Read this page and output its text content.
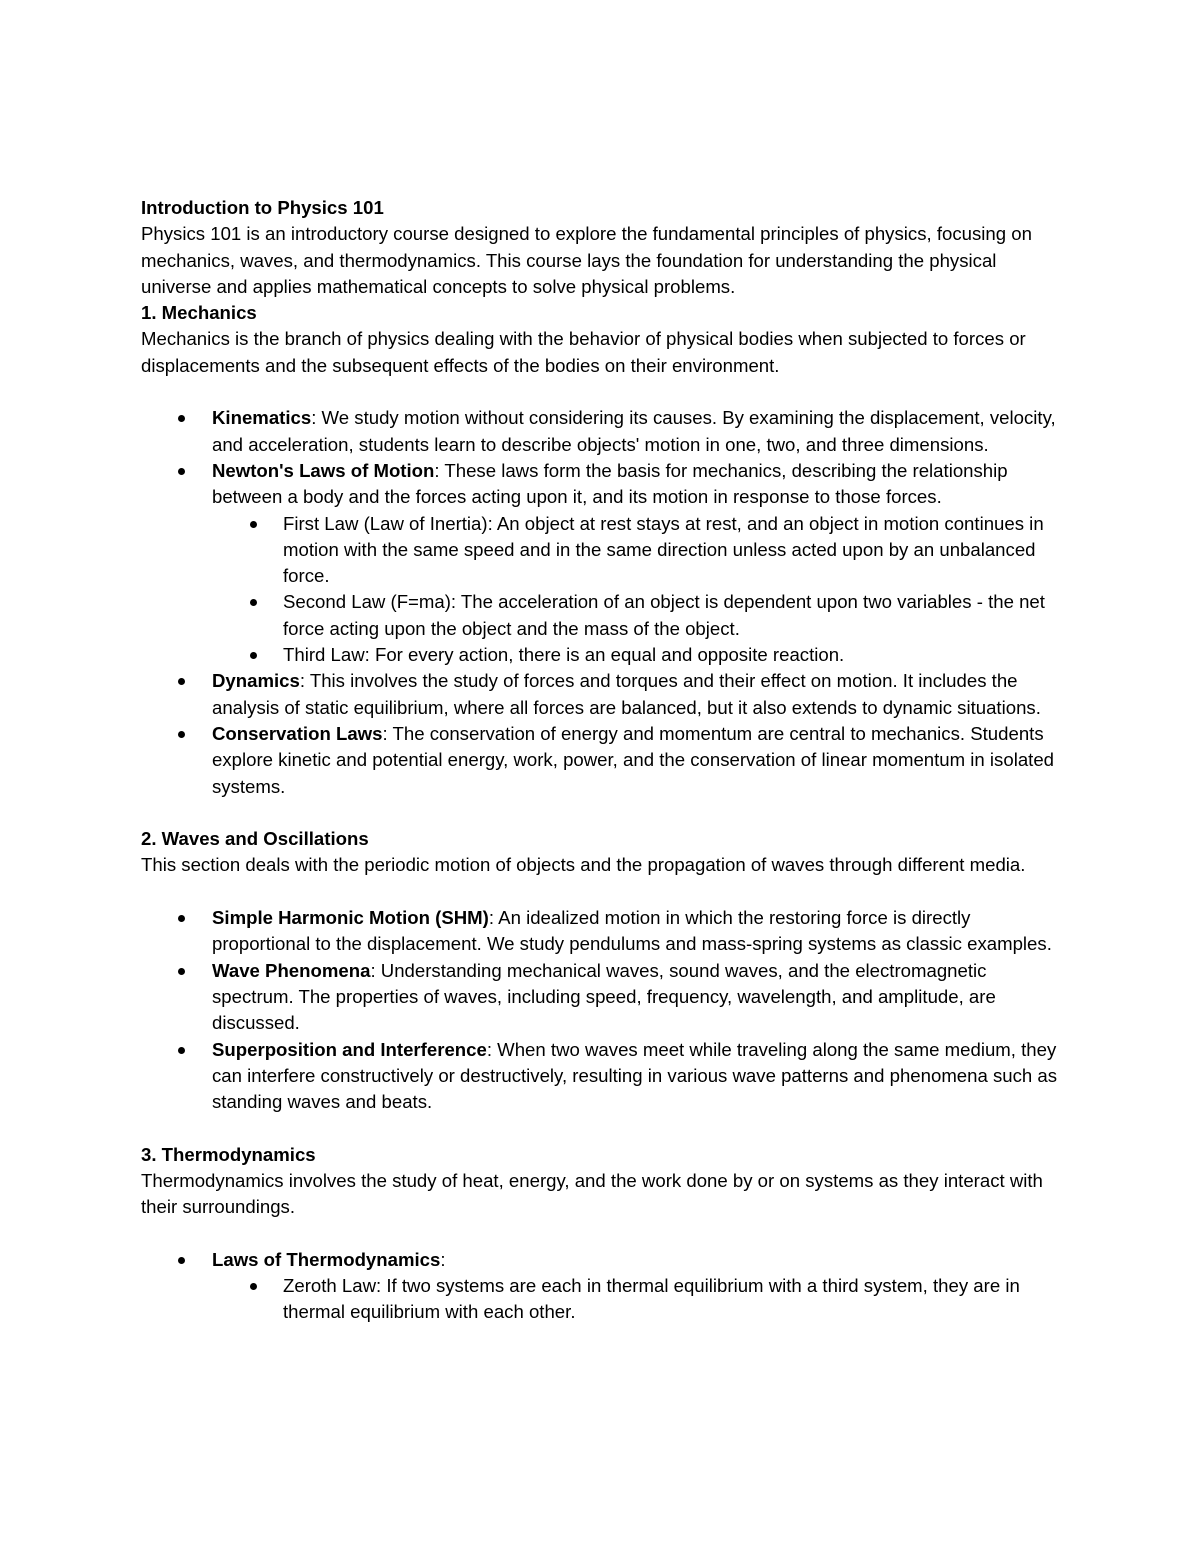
Introduction to Physics 101

Physics 101 is an introductory course designed to explore the fundamental principles of physics, focusing on mechanics, waves, and thermodynamics. This course lays the foundation for understanding the physical universe and applies mathematical concepts to solve physical problems.

1. Mechanics

Mechanics is the branch of physics dealing with the behavior of physical bodies when subjected to forces or displacements and the subsequent effects of the bodies on their environment.

Kinematics: We study motion without considering its causes. By examining the displacement, velocity, and acceleration, students learn to describe objects' motion in one, two, and three dimensions.
Newton's Laws of Motion: These laws form the basis for mechanics, describing the relationship between a body and the forces acting upon it, and its motion in response to those forces.
First Law (Law of Inertia): An object at rest stays at rest, and an object in motion continues in motion with the same speed and in the same direction unless acted upon by an unbalanced force.
Second Law (F=ma): The acceleration of an object is dependent upon two variables - the net force acting upon the object and the mass of the object.
Third Law: For every action, there is an equal and opposite reaction.
Dynamics: This involves the study of forces and torques and their effect on motion. It includes the analysis of static equilibrium, where all forces are balanced, but it also extends to dynamic situations.
Conservation Laws: The conservation of energy and momentum are central to mechanics. Students explore kinetic and potential energy, work, power, and the conservation of linear momentum in isolated systems.

2. Waves and Oscillations

This section deals with the periodic motion of objects and the propagation of waves through different media.

Simple Harmonic Motion (SHM): An idealized motion in which the restoring force is directly proportional to the displacement. We study pendulums and mass-spring systems as classic examples.
Wave Phenomena: Understanding mechanical waves, sound waves, and the electromagnetic spectrum. The properties of waves, including speed, frequency, wavelength, and amplitude, are discussed.
Superposition and Interference: When two waves meet while traveling along the same medium, they can interfere constructively or destructively, resulting in various wave patterns and phenomena such as standing waves and beats.

3. Thermodynamics

Thermodynamics involves the study of heat, energy, and the work done by or on systems as they interact with their surroundings.

Laws of Thermodynamics:
Zeroth Law: If two systems are each in thermal equilibrium with a third system, they are in thermal equilibrium with each other.
